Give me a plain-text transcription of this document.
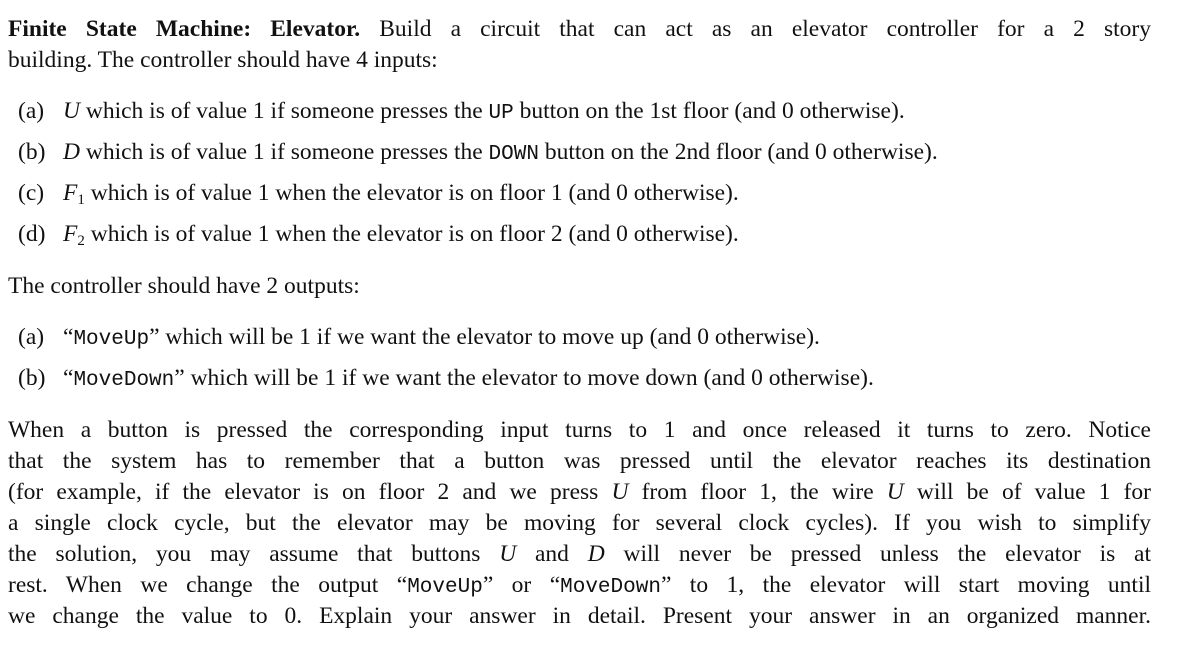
Finite State Machine: Elevator. Build a circuit that can act as an elevator controller for a 2 story
building. The controller should have 4 inputs:
(a) U which is of value 1 if someone presses the UP button on the 1st floor (and 0 otherwise).
(b) D which is of value 1 if someone presses the DOWN button on the 2nd floor (and 0 otherwise).
(c) $F_1$ which is of value 1 when the elevator is on floor 1 (and 0 otherwise).
(d) $F_2$ which is of value 1 when the elevator is on floor 2 (and 0 otherwise).
The controller should have 2 outputs:
(a) “MoveUp” which will be 1 if we want the elevator to move up (and 0 otherwise).
(b) “MoveDown” which will be 1 if we want the elevator to move down (and 0 otherwise).
When a button is pressed the corresponding input turns to 1 and once released it turns to zero. Notice
that the system has to remember that a button was pressed until the elevator reaches its destination
(for example, if the elevator is on floor 2 and we press U from floor 1, the wire U will be of value 1 for
a single clock cycle, but the elevator may be moving for several clock cycles). If you wish to simplify
the solution, you may assume that buttons U and D will never be pressed unless the elevator is at
rest. When we change the output “MoveUp” or “MoveDown” to 1, the elevator will start moving until
we change the value to 0. Explain your answer in detail. Present your answer in an organized manner.
